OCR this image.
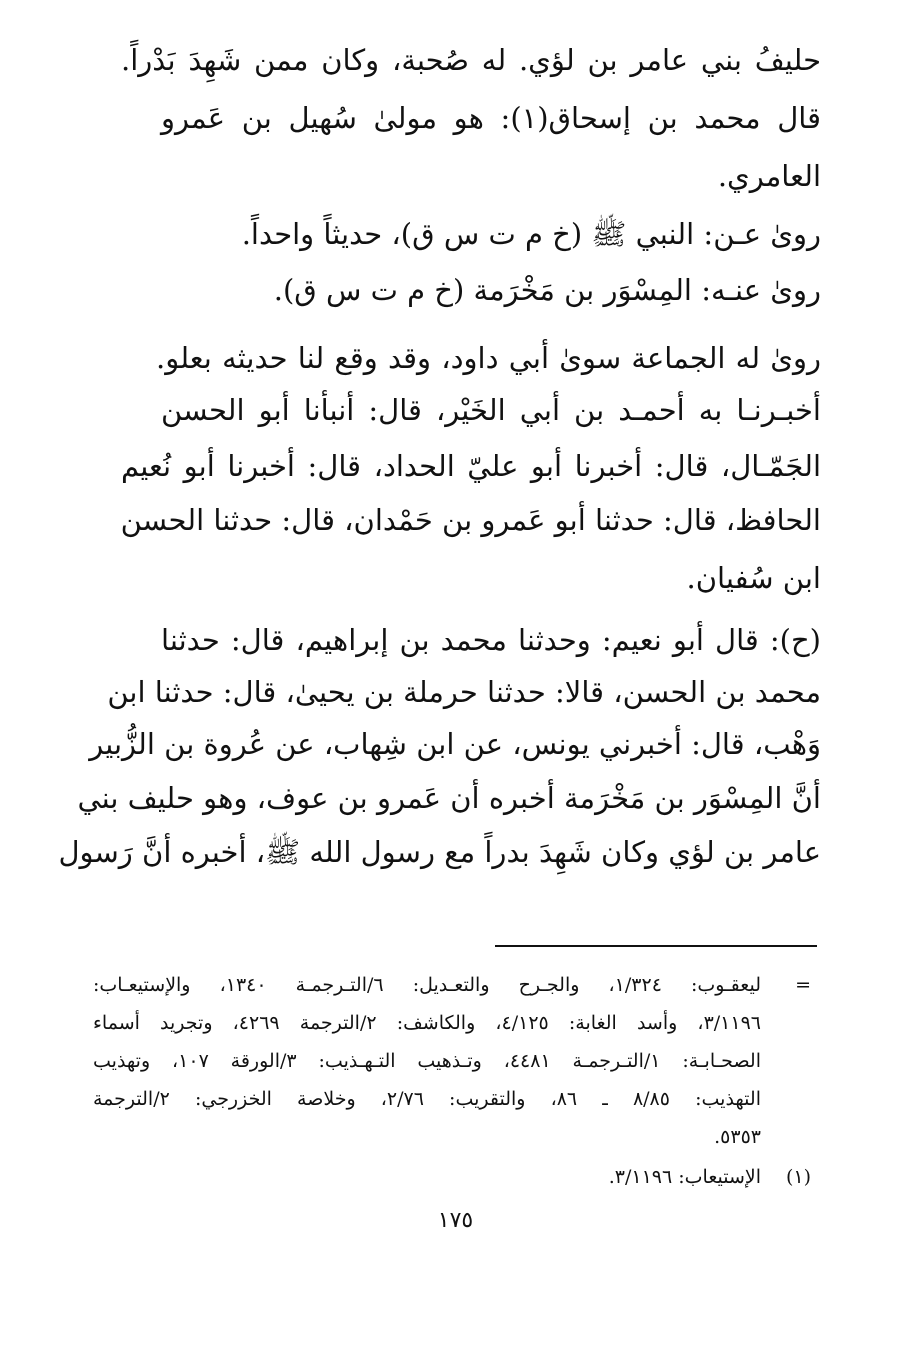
حليفُ بني عامر بن لؤي. له صُحبة، وكان ممن شَهِدَ بَدْراً.
قال محمد بن إسحاق(١): هو مولىٰ سُهيل بن عَمرو
العامري.
روىٰ عـن: النبي ﷺ (خ م ت س ق)، حديثاً واحداً.
روىٰ عنـه: المِسْوَر بن مَخْرَمة (خ م ت س ق).
روىٰ له الجماعة سوىٰ أبي داود، وقد وقع لنا حديثه بعلو.
أخبـرنـا به أحمـد بن أبي الخَيْر، قال: أنبأنا أبو الحسن
الجَمّـال، قال: أخبرنا أبو عليّ الحداد، قال: أخبرنا أبو نُعيم
الحافظ، قال: حدثنا أبو عَمرو بن حَمْدان، قال: حدثنا الحسن
ابن سُفيان.
(ح): قال أبو نعيم: وحدثنا محمد بن إبراهيم، قال: حدثنا
محمد بن الحسن، قالا: حدثنا حرملة بن يحيىٰ، قال: حدثنا ابن
وَهْب، قال: أخبرني يونس، عن ابن شِهاب، عن عُروة بن الزُّبير
أنَّ المِسْوَر بن مَخْرَمة أخبره أن عَمرو بن عوف، وهو حليف بني
عامر بن لؤي وكان شَهِدَ بدراً مع رسول الله ﷺ، أخبره أنَّ رَسول
=
ليعقـوب: ١/٣٢٤، والجـرح والتعـديل: ٦/التـرجمـة ١٣٤٠، والإستيعـاب:
٣/١١٩٦، وأسد الغابة: ٤/١٢٥، والكاشف: ٢/الترجمة ٤٢٦٩، وتجريد أسماء
الصحـابـة: ١/التـرجمـة ٤٤٨١، وتـذهيب التـهـذيب: ٣/الورقة ١٠٧، وتهذيب
التهذيب: ٨/٨٥ ـ ٨٦، والتقريب: ٢/٧٦، وخلاصة الخزرجي: ٢/الترجمة
٥٣٥٣.
(١)
الإستيعاب: ٣/١١٩٦.
١٧٥
